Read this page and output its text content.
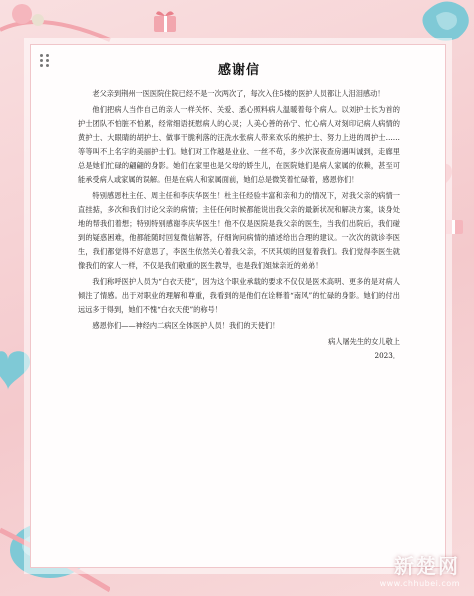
感谢信

老父亲到荆州一医医院住院已经不是一次两次了，每次入住5楼的医护人员都让人泪泪感动！

他们把病人当作自己的亲人一样关怀、关爱、悉心照料病人温暖着每个病人。以刘护士长为首的护士团队不怕脏不怕累，经常细语抚慰病人的心灵；人美心善的孙宁、忙心病人对刻印记病人病情的黄护士、大眼睛的胡护士、做事干脆利落的汪洗水张病人带来欢乐的熊护士、努力上进的周护士……等等叫不上名字的美丽护士们。她们对工作越是业业、一丝不苟，多少次深夜查房遇叫诚到，走廊里总是她们忙碌的翩翩的身影。她们在家里也是父母的娇生儿，在医院她们是病人家属的依赖，甚至可能承受病人或家属的误解。但是在病人和家属面前，她们总是微笑着忙碌着，感恩你们！

特别感恩杜主任、周主任和李庆华医生！杜主任经验丰富和亲和力的情况下，对我父亲的病情一直挂掂，多次和我们讨论父亲的病情；主任任何时候都能说出我父亲的最新状况和解决方案，谈身处地的帮我们着想；特别特别感谢李庆华医生！他不仅是医院是我父亲的医生，当我们出院后，我们碰到的疑惑困难，他都能随时回复微信解答，仔细询问病情的描述给出合理的建议。一次次的就诊李医生，我们都觉得不好意思了，李医生依然关心着我父亲，不厌其烦的回复着我们。我们觉得李医生就像我们的家人一样，不仅是我们敬重的医生教导，也是我们姐妹亲近的弟弟！

我们称呼医护人员为“白衣天使”，因为这个职业承载的要求不仅仅是医术高明、更多的是对病人倾注了情感。出于对职业的理解和尊重，我看到的是他们在诠释着“南风”的忙碌的身影。她们的付出远远多于得到，她们不愧“白衣天使”的称号！

感恩你们——神经内二病区全体医护人员！我们的天使们！

病人屠先生的女儿敬上
2023．
新楚网
www.chhubei.com
